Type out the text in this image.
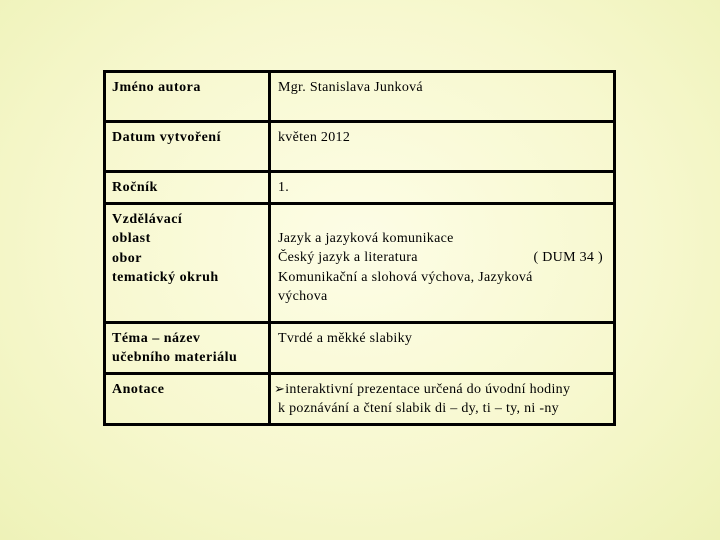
Jméno autora	Mgr. Stanislava Junková

Datum vytvoření	květen 2012

Ročník	1.

Vzdělávací
oblast
obor
tematický okruh	Jazyk a jazyková komunikace
Český jazyk a literatura ( DUM 34 )
Komunikační a slohová výchova, Jazyková
výchova

Téma – název
učebního materiálu	Tvrdé a měkké slabiky

Anotace	➢interaktivní prezentace určená do úvodní hodiny
k poznávání a čtení slabik di – dy, ti – ty, ni -ny
